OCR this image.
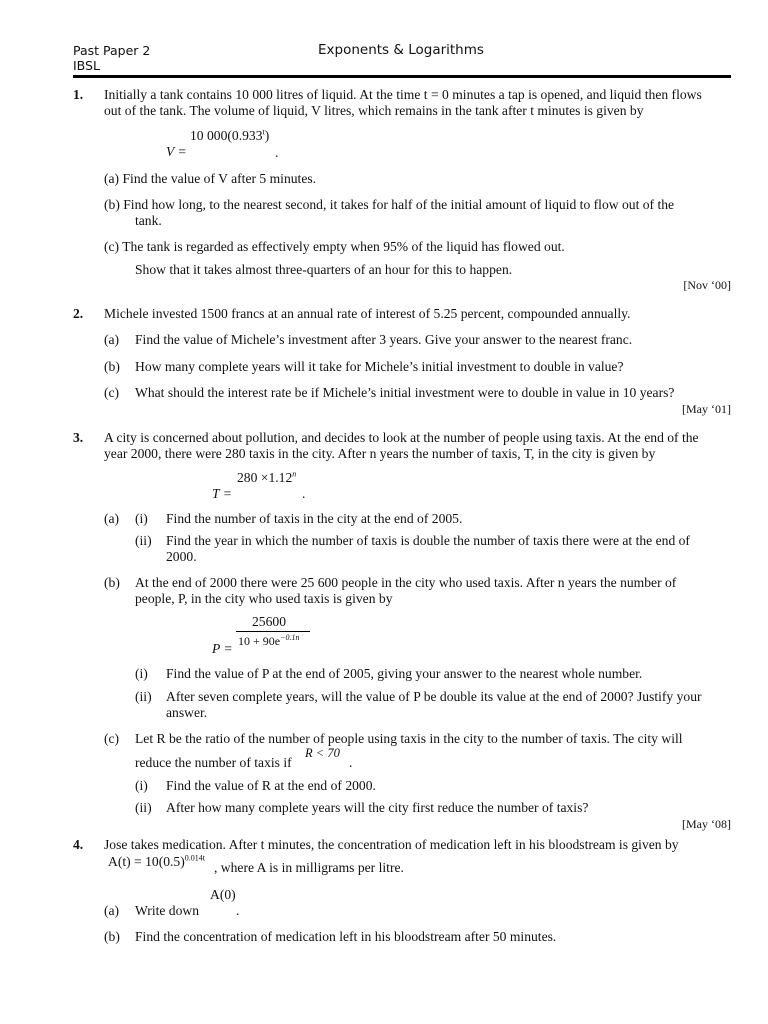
Past Paper 2
IBSL
Exponents & Logarithms
1. Initially a tank contains 10 000 litres of liquid. At the time t = 0 minutes a tap is opened, and liquid then flows
out of the tank. The volume of liquid, V litres, which remains in the tank after t minutes is given by
10 000(0.933$^t$)
V =	.
(a) Find the value of V after 5 minutes.
(b) Find how long, to the nearest second, it takes for half of the initial amount of liquid to flow out of the
tank.
(c) The tank is regarded as effectively empty when 95% of the liquid has flowed out.
Show that it takes almost three-quarters of an hour for this to happen.
[Nov ‘00]
2. Michele invested 1500 francs at an annual rate of interest of 5.25 percent, compounded annually.
(a) Find the value of Michele’s investment after 3 years. Give your answer to the nearest franc.
(b) How many complete years will it take for Michele’s initial investment to double in value?
(c) What should the interest rate be if Michele’s initial investment were to double in value in 10 years?
[May ‘01]
3. A city is concerned about pollution, and decides to look at the number of people using taxis. At the end of the
year 2000, there were 280 taxis in the city. After n years the number of taxis, T, in the city is given by
$280 \times 1.12^n$
T =	.
(a) (i) Find the number of taxis in the city at the end of 2005.
(ii) Find the year in which the number of taxis is double the number of taxis there were at the end of
2000.
(b) At the end of 2000 there were 25 600 people in the city who used taxis. After n years the number of
people, P, in the city who used taxis is given by
25600
$10 + 90e^{-0.1n}$
P =
(i) Find the value of P at the end of 2005, giving your answer to the nearest whole number.
(ii) After seven complete years, will the value of P be double its value at the end of 2000? Justify your
answer.
(c) Let R be the ratio of the number of people using taxis in the city to the number of taxis. The city will
reduce the number of taxis if
R < 70
.
(i) Find the value of R at the end of 2000.
(ii) After how many complete years will the city first reduce the number of taxis?
[May ‘08]
4. Jose takes medication. After t minutes, the concentration of medication left in his bloodstream is given by
$A(t) = 10(0.5)^{0.014t}$
, where A is in milligrams per litre.
A(0)
(a) Write down	.
(b) Find the concentration of medication left in his bloodstream after 50 minutes.
